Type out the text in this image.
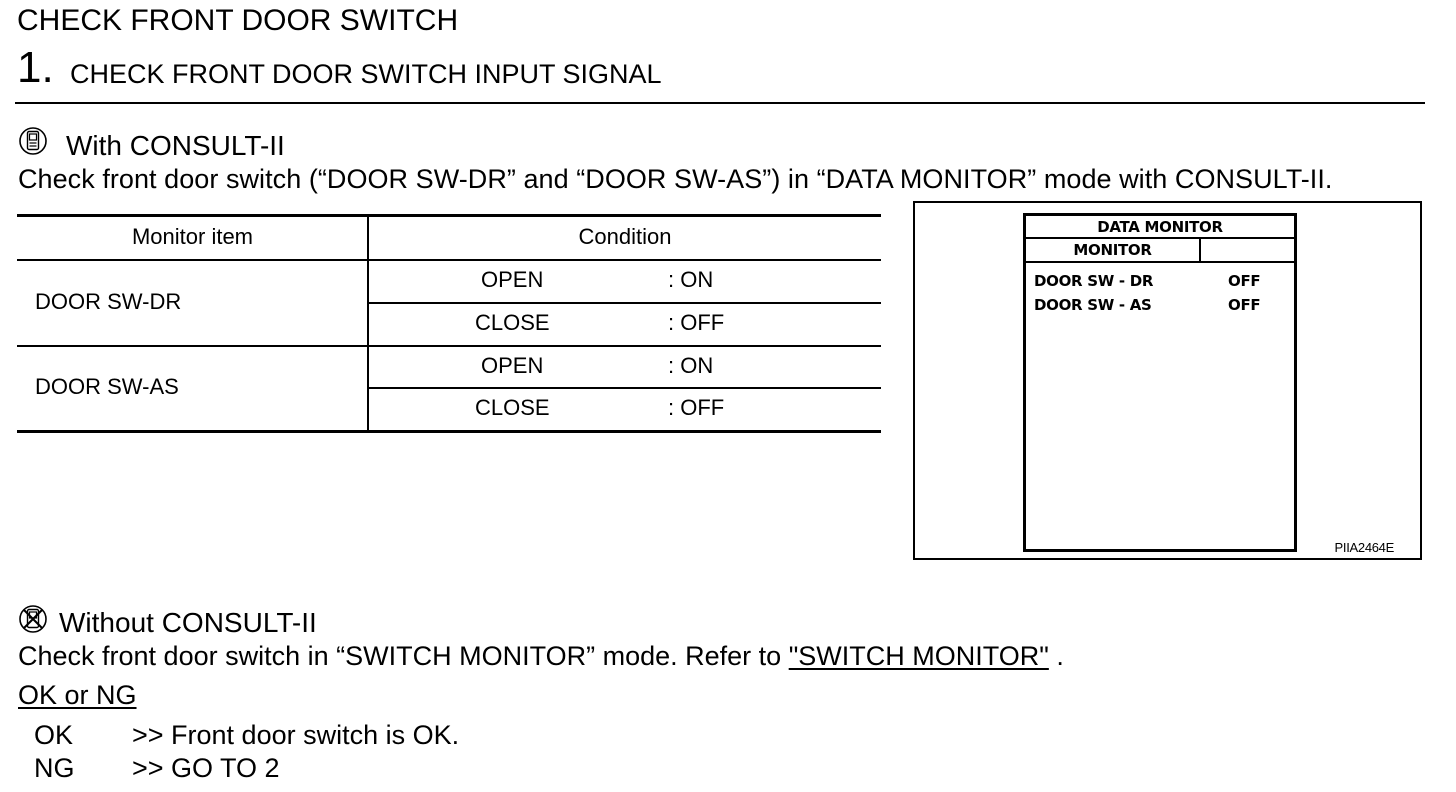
CHECK FRONT DOOR SWITCH
1. CHECK FRONT DOOR SWITCH INPUT SIGNAL
With CONSULT-II
Check front door switch (“DOOR SW-DR” and “DOOR SW-AS”) in “DATA MONITOR” mode with CONSULT-II.
Monitor item	Condition
DOOR SW-DR
OPEN	: ON
CLOSE	: OFF
DOOR SW-AS
OPEN	: ON
CLOSE	: OFF
DATA MONITOR
MONITOR
DOOR SW - DR	OFF
DOOR SW - AS	OFF
PIIA2464E
Without CONSULT-II
Check front door switch in “SWITCH MONITOR” mode. Refer to "SWITCH MONITOR" .
OK or NG
OK >> Front door switch is OK.
NG >> GO TO 2
